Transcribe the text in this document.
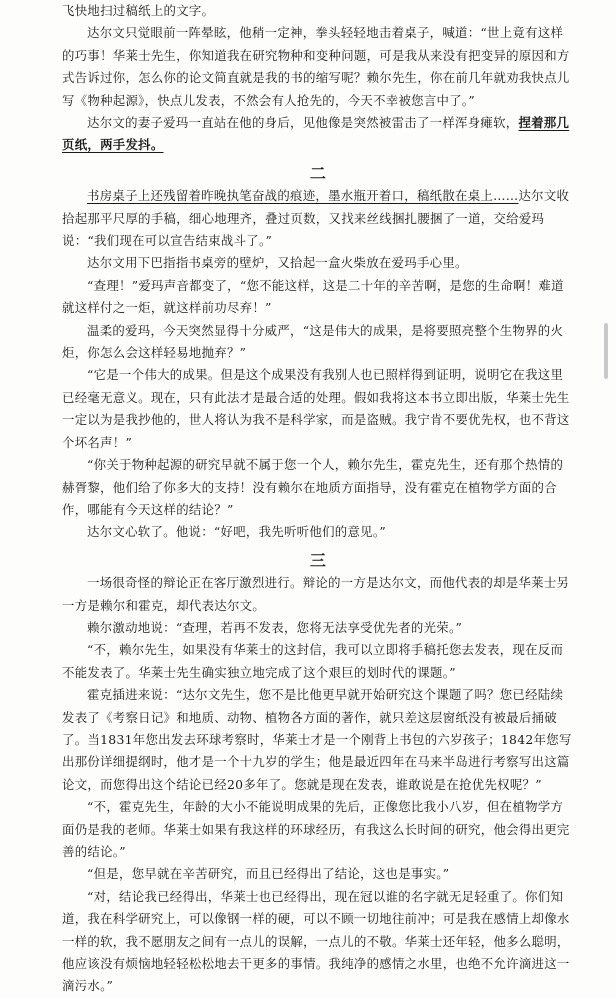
飞快地扫过稿纸上的文字。

达尔文只觉眼前一阵晕眩，他稍一定神，拳头轻轻地击着桌子，喊道：“世上竟有这样的巧事！华莱士先生，你知道我在研究物种和变种问题，可是我从来没有把变异的原因和方式告诉过你，怎么你的论文简直就是我的书的缩写呢？赖尔先生，你在前几年就劝我快点儿写《物种起源》，快点儿发表，不然会有人抢先的，今天不幸被您言中了。”

达尔文的妻子爱玛一直站在他的身后，见他像是突然被雷击了一样浑身瘫软，捏着那几页纸，两手发抖。

二

书房桌子上还残留着昨晚执笔奋战的痕迹，墨水瓶开着口，稿纸散在桌上……达尔文收拾起那平尺厚的手稿，细心地理齐，叠过页数，又找来丝线捆扎腰捆了一道，交给爱玛说：“我们现在可以宣告结束战斗了。”

达尔文用下巴指指书桌旁的壁炉，又拾起一盒火柴放在爱玛手心里。

“查理！”爱玛声音都变了，“您不能这样，这是二十年的辛苦啊，是您的生命啊！难道就这样付之一炬，就这样前功尽弃！”

温柔的爱玛，今天突然显得十分威严，“这是伟大的成果，是将要照亮整个生物界的火炬，你怎么会这样轻易地抛弃？”

“它是一个伟大的成果。但是这个成果没有我别人也已照样得到证明，说明它在我这里已经毫无意义。现在，只有此法才是最合适的处理。假如我将这本书立即出版，华莱士先生一定以为是我抄他的，世人将认为我不是科学家，而是盗贼。我宁肯不要优先权，也不背这个坏名声！”

“你关于物种起源的研究早就不属于您一个人，赖尔先生，霍克先生，还有那个热情的赫胥黎，他们给了你多大的支持！没有赖尔在地质方面指导，没有霍克在植物学方面的合作，哪能有今天这样的结论？”

达尔文心软了。他说：“好吧，我先听听他们的意见。”

三

一场很奇怪的辩论正在客厅激烈进行。辩论的一方是达尔文，而他代表的却是华莱士另一方是赖尔和霍克，却代表达尔文。

赖尔激动地说：“查理，若再不发表，您将无法享受优先者的光荣。”

“不，赖尔先生，如果没有华莱士的这封信，我可以立即将手稿托您去发表，现在反而不能发表了。华莱士先生确实独立地完成了这个艰巨的划时代的课题。”

霍克插进来说：“达尔文先生，您不是比他更早就开始研究这个课题了吗？您已经陆续发表了《考察日记》和地质、动物、植物各方面的著作，就只差这层窗纸没有被最后捅破了。当1831年您出发去环球考察时，华莱士才是一个刚背上书包的六岁孩子；1842年您写出那份详细提纲时，他才是一个十九岁的学生；他是最近四年在马来半岛进行考察写出这篇论文，而您得出这个结论已经20多年了。您就是现在发表，谁敢说是在抢优先权呢？”

“不，霍克先生，年龄的大小不能说明成果的先后，正像您比我小八岁，但在植物学方面仍是我的老师。华莱士如果有我这样的环球经历，有我这么长时间的研究，他会得出更完善的结论。”

“但是，您早就在辛苦研究，而且已经得出了结论，这也是事实。”

“对，结论我已经得出，华莱士也已经得出，现在冠以谁的名字就无足轻重了。你们知道，我在科学研究上，可以像钢一样的硬，可以不顾一切地往前冲；可是我在感情上却像水一样的软，我不愿朋友之间有一点儿的误解，一点儿的不敬。华莱士还年轻，他多么聪明，他应该没有烦恼地轻轻松松地去干更多的事情。我纯净的感情之水里，也绝不允许滴进这一滴污水。”
